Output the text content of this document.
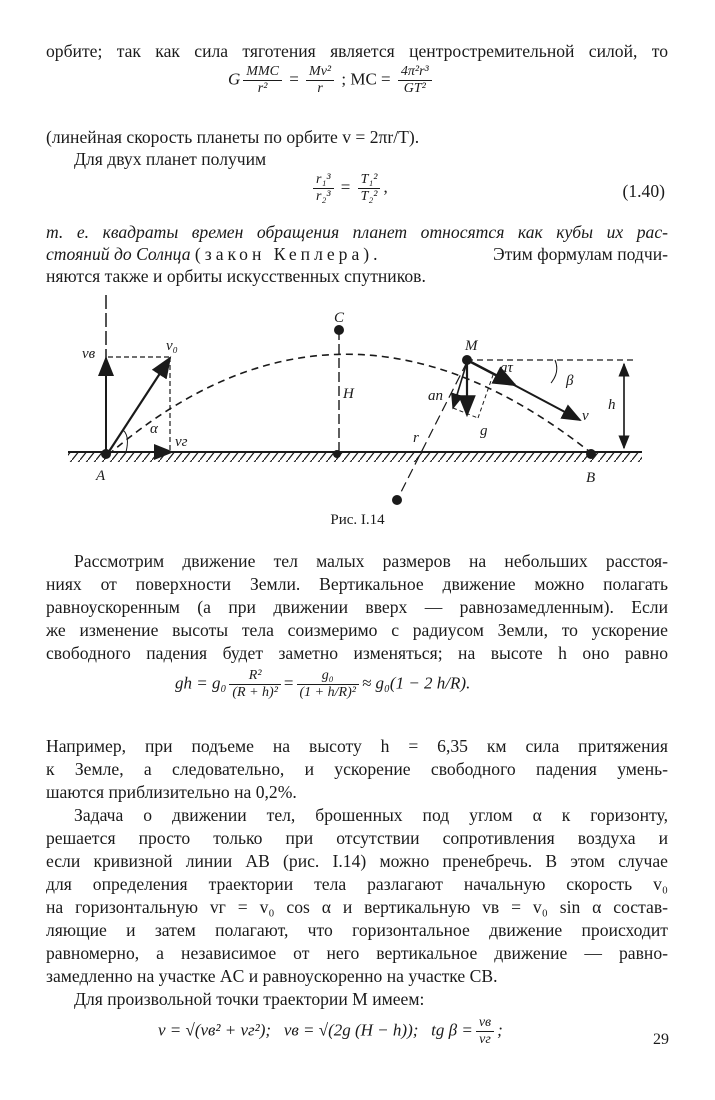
орбите; так как сила тяготения является центростремительной силой, то
G $\frac{\text{MMС}}{\text{r²}} = \frac{\text{Mv²}}{r}$ ; MС = $\frac{\text{4π²r³}}{\text{GT²}}$
(линейная скорость планеты по орбите v = 2πr/T).
Для двух планет получим
$\frac{\text{r₁³}}{\text{r₂³}} = \frac{\text{T₁²}}{\text{T₂²}}$ ,	(1.40)
т. е. квадраты времен обращения планет относятся как кубы их рас-
стояний до Солнца (закон Кеплера).	Этим формулам подчи-
няются также и орбиты искусственных спутников.
vв	v₀
α
vг
A
C
H
M
aτ
an
g
β
v
h
r
B
Рис. I.14
Рассмотрим движение тел малых размеров на небольших расстоя-
ниях от поверхности Земли. Вертикальное движение можно полагать
равноускоренным (а при движении вверх — равнозамедленным). Если
же изменение высоты тела соизмеримо с радиусом Земли, то ускорение
свободного падения будет заметно изменяться; на высоте h оно равно
gh = $g_0 \frac{\text{R²}}{\text{(R + h)²}} = \frac{\text{g₀}}{\text{(1 + h/R)²}} \approx g_0(1 - 2$ h/R).
Например, при подъеме на высоту h = 6,35 км сила притяжения
к Земле, а следовательно, и ускорение свободного падения умень-
шаются приблизительно на 0,2%.
Задача о движении тел, брошенных под углом α к горизонту,
решается просто только при отсутствии сопротивления воздуха и
если кривизной линии AB (рис. I.14) можно пренебречь. В этом случае
для определения траектории тела разлагают начальную скорость v₀
на горизонтальную vг = v₀ cos α и вертикальную vв = v₀ sin α состав-
ляющие и затем полагают, что горизонтальное движение происходит
равномерно, а независимое от него вертикальное движение — равно-
замедленно на участке AC и равноускоренно на участке CB.
Для произвольной точки траектории M имеем:
v = √(vв² + vг²); vв = √(2g (H − h)); tg $\beta = \frac{vв}{vг}$ ;
29
